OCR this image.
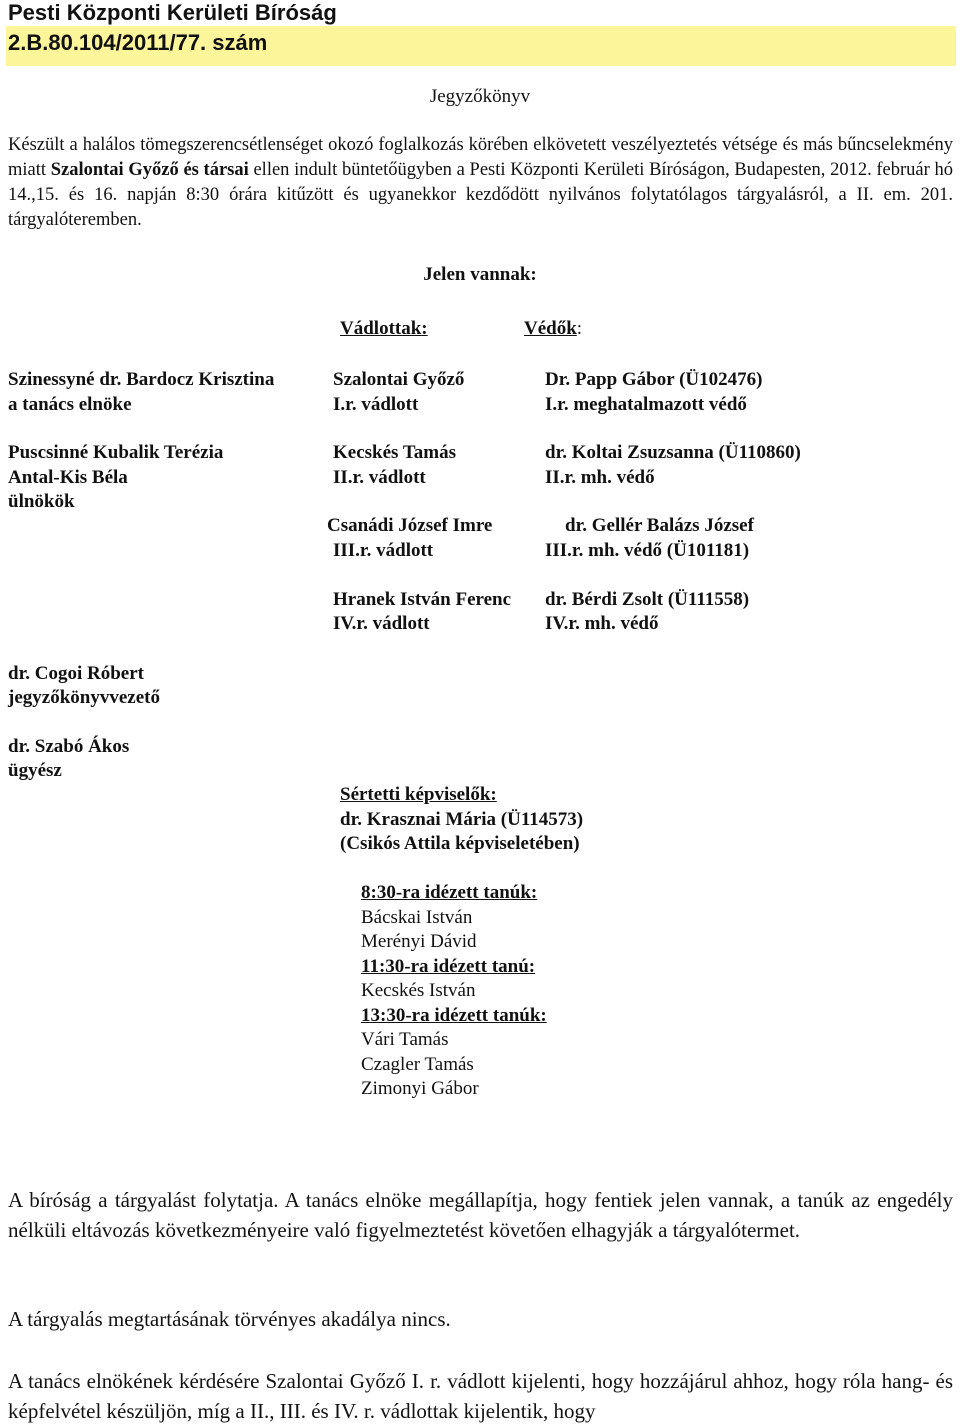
Pesti Központi Kerületi Bíróság
2.B.80.104/2011/77. szám
Jegyzőkönyv
Készült a halálos tömegszerencsétlenséget okozó foglalkozás körében elkövetett veszélyeztetés vétsége és más bűncselekmény miatt Szalontai Győző és társai ellen indult büntetőügyben a Pesti Központi Kerületi Bíróságon, Budapesten, 2012. február hó 14.,15. és 16. napján 8:30 órára kitűzött és ugyanekkor kezdődött nyilvános folytatólagos tárgyalásról, a II. em. 201. tárgyalóteremben.
Jelen vannak:
Vádlottak:	Védők:
Szinessyné dr. Bardocz Krisztina
a tanács elnöke
Puscsinné Kubalik Terézia
Antal-Kis Béla
ülnökök
dr. Cogoi Róbert
jegyzőkönyvvezető
dr. Szabó Ákos
ügyész
Szalontai Győző
I.r. vádlott
Kecskés Tamás
II.r. vádlott
Csanádi József Imre
III.r. vádlott
Hranek István Ferenc
IV.r. vádlott
Dr. Papp Gábor (Ü102476)
I.r. meghatalmazott védő
dr. Koltai Zsuzsanna (Ü110860)
II.r. mh. védő
dr. Gellér Balázs József
III.r. mh. védő (Ü101181)
dr. Bérdi Zsolt (Ü111558)
IV.r. mh. védő
Sértetti képviselők:
dr. Krasznai Mária (Ü114573)
(Csikós Attila képviseletében)
8:30-ra idézett tanúk:
Bácskai István
Merényi Dávid
11:30-ra idézett tanú:
Kecskés István
13:30-ra idézett tanúk:
Vári Tamás
Czagler Tamás
Zimonyi Gábor
A bíróság a tárgyalást folytatja. A tanács elnöke megállapítja, hogy fentiek jelen vannak, a tanúk az engedély nélküli eltávozás következményeire való figyelmeztetést követően elhagyják a tárgyalótermet.
A tárgyalás megtartásának törvényes akadálya nincs.
A tanács elnökének kérdésére Szalontai Győző I. r. vádlott kijelenti, hogy hozzájárul ahhoz, hogy róla hang- és képfelvétel készüljön, míg a II., III. és IV. r. vádlottak kijelentik, hogy
